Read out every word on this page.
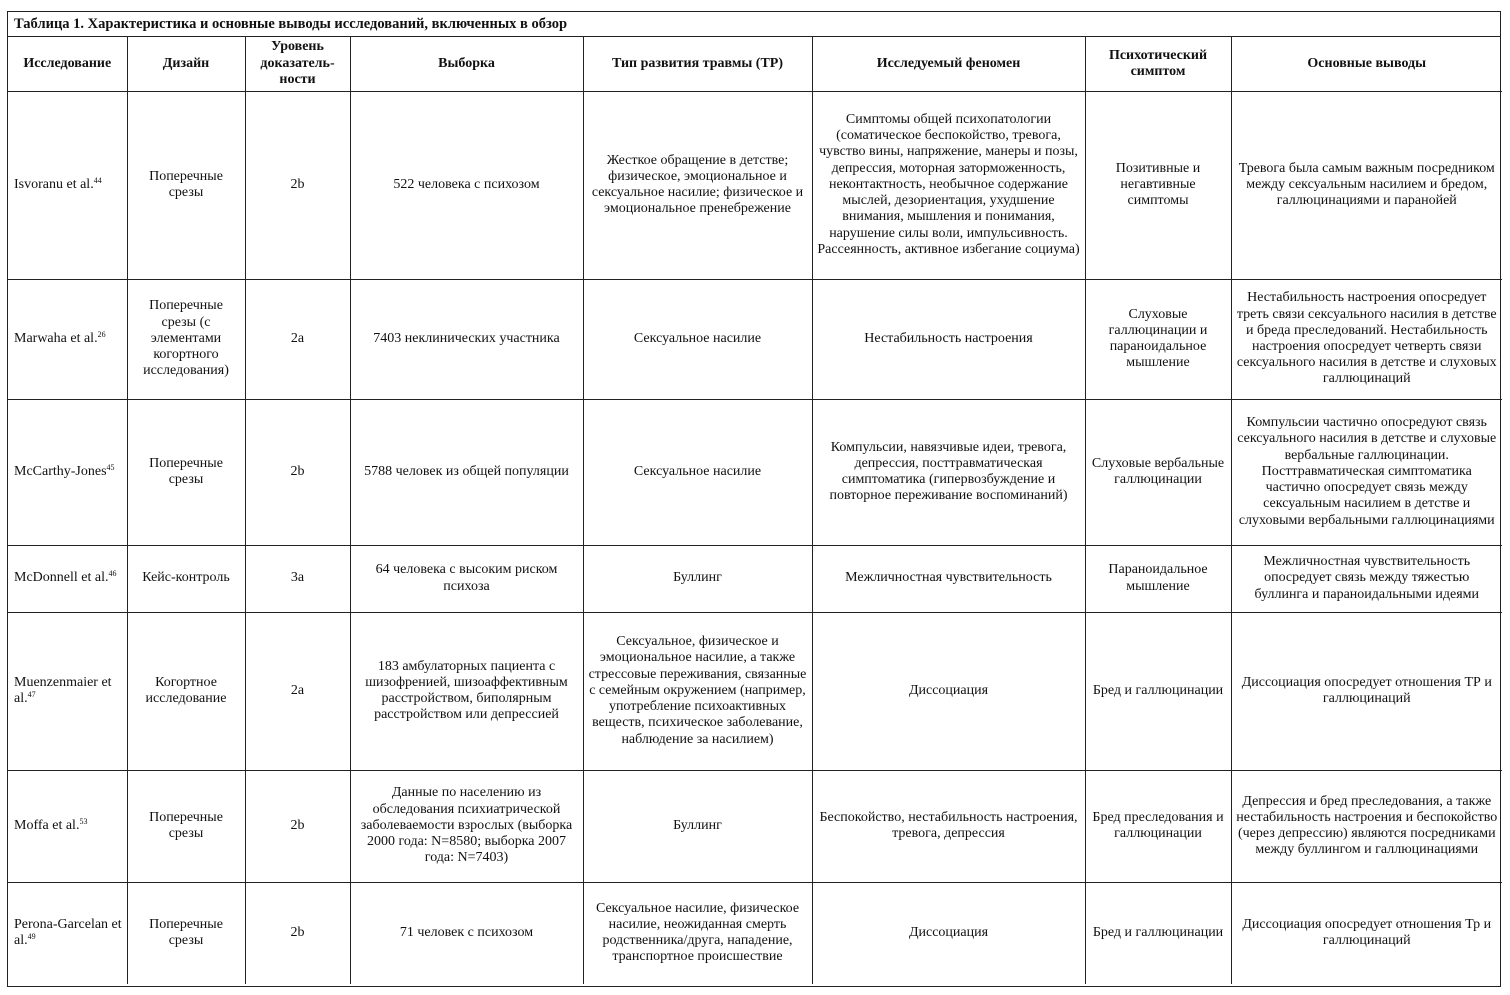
Таблица 1. Характеристика и основные выводы исследований, включенных в обзор
Исследование	Дизайн	Уровень доказатель-ности	Выборка	Тип развития травмы (ТР)	Исследуемый феномен	Психотический симптом	Основные выводы
Isvoranu et al.$^{44}$	Поперечные срезы	2b	522 человека с психозом	Жесткое обращение в детстве; физическое, эмоциональное и сексуальное насилие; физическое и эмоциональное пренебрежение	Симптомы общей психопатологии (соматическое беспокойство, тревога, чувство вины, напряжение, манеры и позы, депрессия, моторная заторможенность, неконтактность, необычное содержание мыслей, дезориентация, ухудшение внимания, мышления и понимания, нарушение силы воли, импульсивность. Рассеянность, активное избегание социума)	Позитивные и негавтивные симптомы	Тревога была самым важным посредником между сексуальным насилием и бредом, галлюцинациями и паранойей
Marwaha et al.$^{26}$	Поперечные срезы (с элементами когортного исследования)	2a	7403 неклинических участника	Сексуальное насилие	Нестабильность настроения	Слуховые галлюцинации и параноидальное мышление	Нестабильность настроения опосредует треть связи сексуального насилия в детстве и бреда преследований. Нестабильность настроения опосредует четверть связи сексуального насилия в детстве и слуховых галлюцинаций
McCarthy-Jones$^{45}$	Поперечные срезы	2b	5788 человек из общей популяции	Сексуальное насилие	Компульсии, навязчивые идеи, тревога, депрессия, посттравматическая симптоматика (гипервозбуждение и повторное переживание воспоминаний)	Слуховые вербальные галлюцинации	Компульсии частично опосредуют связь сексуального насилия в детстве и слуховые вербальные галлюцинации. Посттравматическая симптоматика частично опосредует связь между сексуальным насилием в детстве и слуховыми вербальными галлюцинациями
McDonnell et al.$^{46}$	Кейс-контроль	3a	64 человека с высоким риском психоза	Буллинг	Межличностная чувствительность	Параноидальное мышление	Межличностная чувствительность опосредует связь между тяжестью буллинга и параноидальными идеями
Muenzenmaier et al.$^{47}$	Когортное исследование	2a	183 амбулаторных пациента с шизофренией, шизоаффективным расстройством, биполярным расстройством или депрессией	Сексуальное, физическое и эмоциональное насилие, а также стрессовые переживания, связанные с семейным окружением (например, употребление психоактивных веществ, психическое заболевание, наблюдение за насилием)	Диссоциация	Бред и галлюцинации	Диссоциация опосредует отношения ТР и галлюцинаций
Moffa et al.$^{53}$	Поперечные срезы	2b	Данные по населению из обследования психиатрической заболеваемости взрослых (выборка 2000 года: N=8580; выборка 2007 года: N=7403)	Буллинг	Беспокойство, нестабильность настроения, тревога, депрессия	Бред преследования и галлюцинации	Депрессия и бред преследования, а также нестабильность настроения и беспокойство (через депрессию) являются посредниками между буллингом и галлюцинациями
Perona-Garcelan et al.$^{49}$	Поперечные срезы	2b	71 человек с психозом	Сексуальное насилие, физическое насилие, неожиданная смерть родственника/друга, нападение, транспортное происшествие	Диссоциация	Бред и галлюцинации	Диссоциация опосредует отношения Тр и галлюцинаций
